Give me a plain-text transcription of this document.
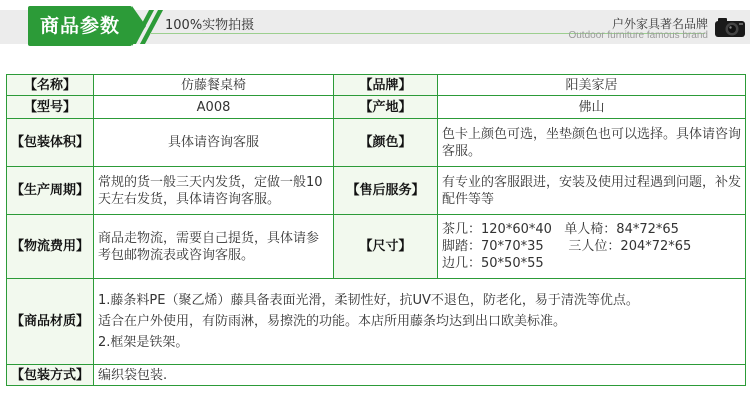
商品参数	100%实物拍摄	户外家具著名品牌
Outdoor furniture famous brand
【名称】	仿藤餐桌椅	【品牌】	阳美家居
【型号】	A008	【产地】	佛山
【包装体积】	具体请咨询客服	【颜色】	色卡上颜色可选，坐垫颜色也可以选择。具体请咨询客服。
【生产周期】	常规的货一般三天内发货，定做一般10天左右发货，具体请咨询客服。	【售后服务】	有专业的客服跟进，安装及使用过程遇到问题，补发配件等等
【物流费用】	商品走物流，需要自己提货，具体请参考包邮物流表或咨询客服。	【尺寸】	茶几：120*60*40   单人椅：84*72*65
脚踏：70*70*35      三人位：204*72*65
边几：50*50*55

【商品材质】	1.藤条料PE（聚乙烯）藤具备表面光滑，柔韧性好，抗UV不退色，防老化，易于清洗等优点。
适合在户外使用，有防雨淋，易擦洗的功能。本店所用藤条均达到出口欧美标准。
2.框架是铁架。		

【包装方式】	编织袋包装.		
